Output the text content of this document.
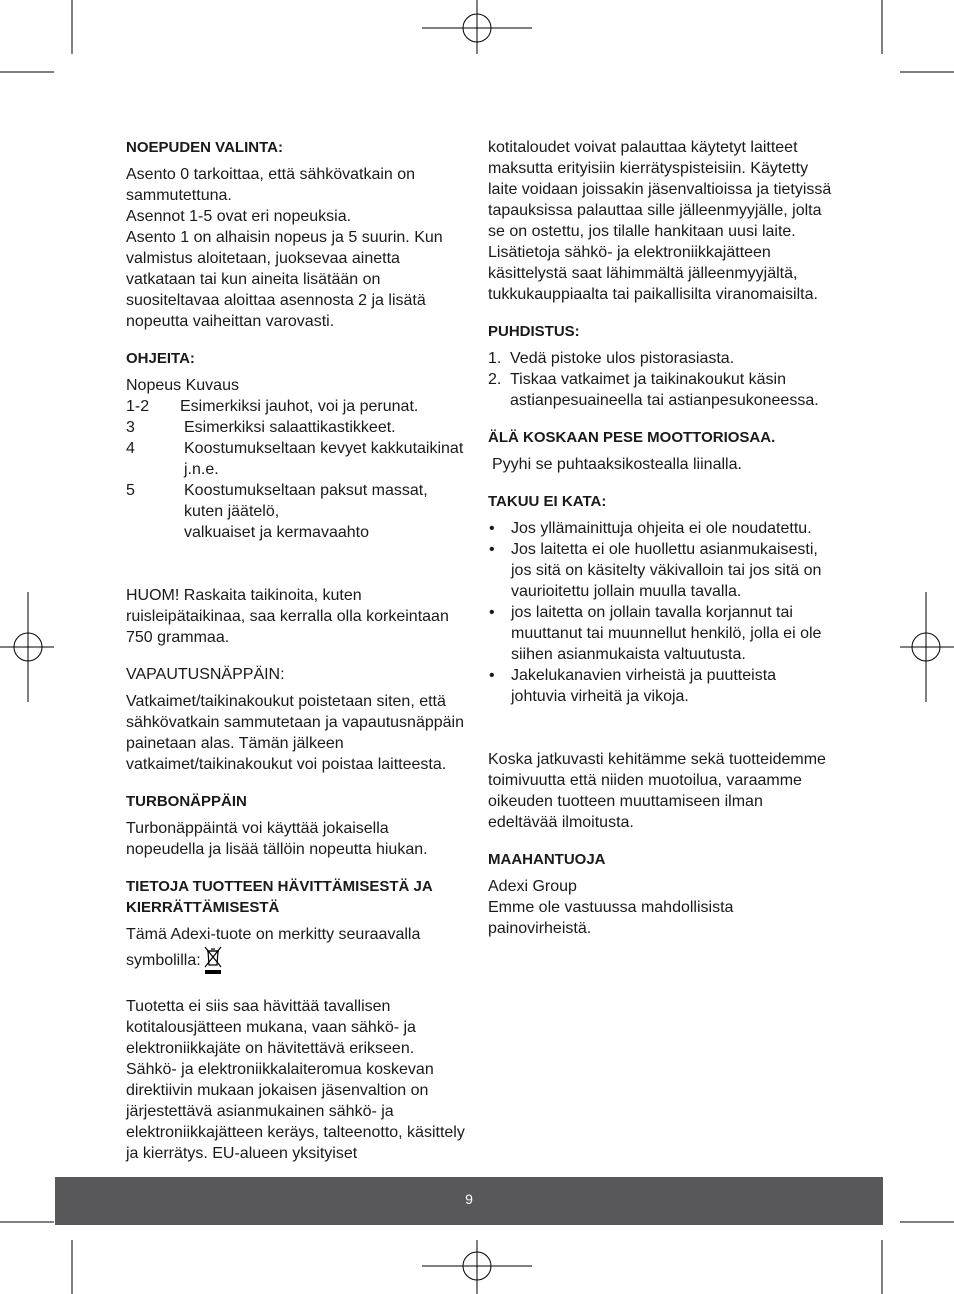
NOEPUDEN VALINTA:

Asento 0 tarkoittaa, että sähkövatkain on sammutettuna.

Asennot 1-5 ovat eri nopeuksia.

Asento 1 on alhaisin nopeus ja 5 suurin. Kun valmistus aloitetaan, juoksevaa ainetta vatkataan tai kun aineita lisätään on suositeltavaa aloittaa asennosta 2 ja lisätä nopeutta vaiheittan varovasti.

OHJEITA:

Nopeus Kuvaus

1-2	Esimerkiksi jauhot, voi ja perunat.
3	Esimerkiksi salaattikastikkeet.
4	Koostumukseltaan kevyet kakkutaikinat j.n.e.
5	Koostumukseltaan paksut massat, kuten jäätelö,
valkuaiset ja kermavaahto

HUOM! Raskaita taikinoita, kuten ruisleipätaikinaa, saa kerralla olla korkeintaan 750 grammaa.

VAPAUTUSNÄPPÄIN:

Vatkaimet/taikinakoukut poistetaan siten, että sähkövatkain sammutetaan ja vapautusnäppäin painetaan alas. Tämän jälkeen vatkaimet/taikinakoukut voi poistaa laitteesta.

TURBONÄPPÄIN

Turbonäppäintä voi käyttää jokaisella nopeudella ja lisää tällöin nopeutta hiukan.

TIETOJA TUOTTEEN HÄVITTÄMISESTÄ JA KIERRÄTTÄMISESTÄ

Tämä Adexi-tuote on merkitty seuraavalla symbolilla:

Tuotetta ei siis saa hävittää tavallisen kotitalousjätteen mukana, vaan sähkö- ja elektroniikkajäte on hävitettävä erikseen. Sähkö- ja elektroniikkalaiteromua koskevan direktiivin mukaan jokaisen jäsenvaltion on järjestettävä asianmukainen sähkö- ja elektroniikkajätteen keräys, talteenotto, käsittely ja kierrätys. EU-alueen yksityiset

kotitaloudet voivat palauttaa käytetyt laitteet maksutta erityisiin kierrätyspisteisiin. Käytetty laite voidaan joissakin jäsenvaltioissa ja tietyissä tapauksissa palauttaa sille jälleenmyyjälle, jolta se on ostettu, jos tilalle hankitaan uusi laite. Lisätietoja sähkö- ja elektroniikkajätteen käsittelystä saat lähimmältä jälleenmyyjältä, tukkukauppiaalta tai paikallisilta viranomaisilta.

PUHDISTUS:

1. Vedä pistoke ulos pistorasiasta.
2. Tiskaa vatkaimet ja taikinakoukut käsin astianpesuaineella tai astianpesukoneessa.

ÄLÄ KOSKAAN PESE MOOTTORIOSAA.

Pyyhi se puhtaaksikostealla liinalla.

TAKUU EI KATA:

•	Jos yllämainittuja ohjeita ei ole noudatettu.
•	Jos laitetta ei ole huollettu asianmukaisesti, jos sitä on käsitelty väkivalloin tai jos sitä on vaurioitettu jollain muulla tavalla.
•	jos laitetta on jollain tavalla korjannut tai muuttanut tai muunnellut henkilö, jolla ei ole siihen asianmukaista valtuutusta.
•	Jakelukanavien virheistä ja puutteista johtuvia virheitä ja vikoja.

Koska jatkuvasti kehitämme sekä tuotteidemme toimivuutta että niiden muotoilua, varaamme oikeuden tuotteen muuttamiseen ilman edeltävää ilmoitusta.

MAAHANTUOJA

Adexi Group

Emme ole vastuussa mahdollisista painovirheistä.

9
